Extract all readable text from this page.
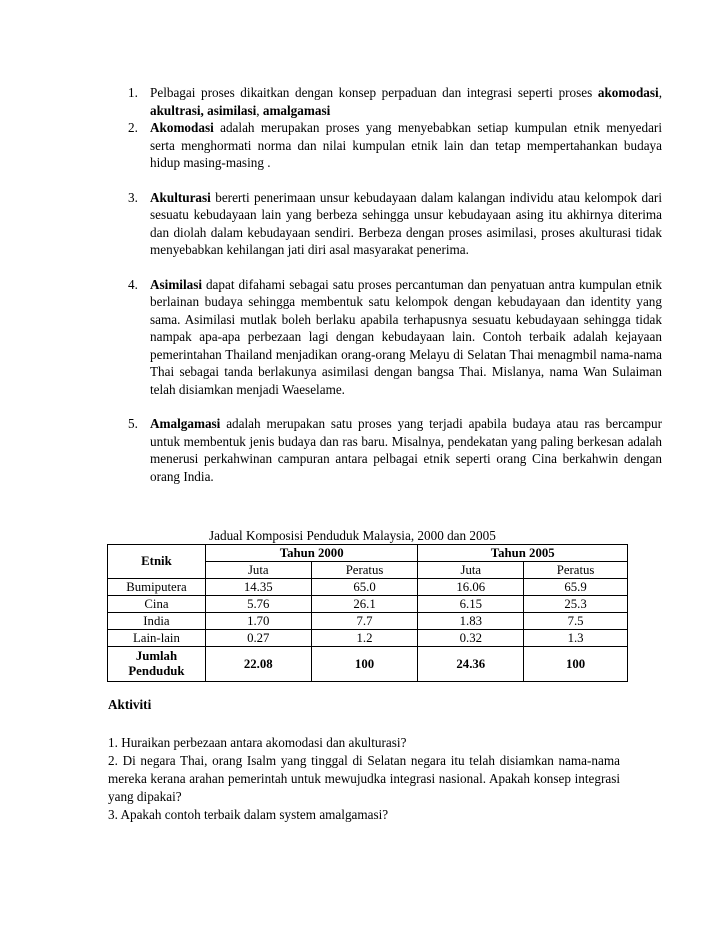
1. Pelbagai proses dikaitkan dengan konsep perpaduan dan integrasi seperti proses akomodasi, akultrasi, asimilasi, amalgamasi
2. Akomodasi adalah merupakan proses yang menyebabkan setiap kumpulan etnik menyedari serta menghormati norma dan nilai kumpulan etnik lain dan tetap mempertahankan budaya hidup masing-masing .
3. Akulturasi bererti penerimaan unsur kebudayaan dalam kalangan individu atau kelompok dari sesuatu kebudayaan lain yang berbeza sehingga unsur kebudayaan asing itu akhirnya diterima dan diolah dalam kebudayaan sendiri. Berbeza dengan proses asimilasi, proses akulturasi tidak menyebabkan kehilangan jati diri asal masyarakat penerima.
4. Asimilasi dapat difahami sebagai satu proses percantuman dan penyatuan antra kumpulan etnik berlainan budaya sehingga membentuk satu kelompok dengan kebudayaan dan identity yang sama. Asimilasi mutlak boleh berlaku apabila terhapusnya sesuatu kebudayaan sehingga tidak nampak apa-apa perbezaan lagi dengan kebudayaan lain. Contoh terbaik adalah kejayaan pemerintahan Thailand menjadikan orang-orang Melayu di Selatan Thai menagmbil nama-nama Thai sebagai tanda berlakunya asimilasi dengan bangsa Thai. Mislanya, nama Wan Sulaiman telah disiamkan menjadi Waeselame.
5. Amalgamasi adalah merupakan satu proses yang terjadi apabila budaya atau ras bercampur untuk membentuk jenis budaya dan ras baru. Misalnya, pendekatan yang paling berkesan adalah menerusi perkahwinan campuran antara pelbagai etnik seperti orang Cina berkahwin dengan orang India.
Jadual Komposisi Penduduk Malaysia, 2000 dan 2005
Etnik	Tahun 2000		Tahun 2005	
	Juta	Peratus	Juta	Peratus
Bumiputera	14.35	65.0	16.06	65.9
Cina	5.76	26.1	6.15	25.3
India	1.70	7.7	1.83	7.5
Lain-lain	0.27	1.2	0.32	1.3
Jumlah
Penduduk	22.08	100	24.36	100
Aktiviti
1. Huraikan perbezaan antara akomodasi dan akulturasi?
2. Di negara Thai, orang Isalm yang tinggal di Selatan negara itu telah disiamkan nama-nama mereka kerana arahan pemerintah untuk mewujudka integrasi nasional. Apakah konsep integrasi yang dipakai?
3. Apakah contoh terbaik dalam system amalgamasi?
